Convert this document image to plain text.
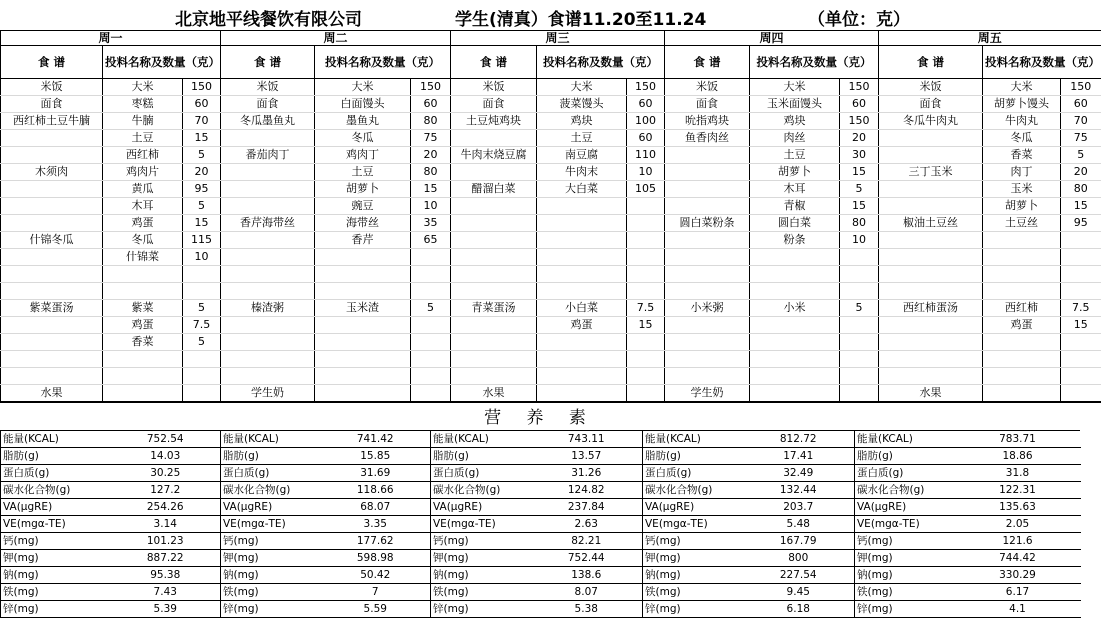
北京地平线餐饮有限公司	学生(清真）食谱11.20至11.24	（单位：克）
周一			周二			周三			周四			周五		
食 谱	投料名称及数量（克）		食 谱	投料名称及数量（克）		食 谱	投料名称及数量（克）		食 谱	投料名称及数量（克）		食 谱	投料名称及数量（克）	
米饭	大米	150	米饭	大米	150	米饭	大米	150	米饭	大米	150	米饭	大米	150
面食	枣糕	60	面食	白面馒头	60	面食	菠菜馒头	60	面食	玉米面馒头	60	面食	胡萝卜馒头	60
西红柿土豆牛腩	牛腩	70	冬瓜墨鱼丸	墨鱼丸	80	土豆炖鸡块	鸡块	100	吮指鸡块	鸡块	150	冬瓜牛肉丸	牛肉丸	70
	土豆	15		冬瓜	75		土豆	60	鱼香肉丝	肉丝	20		冬瓜	75
	西红柿	5	番茄肉丁	鸡肉丁	20	牛肉末烧豆腐	南豆腐	110		土豆	30		香菜	5
木须肉	鸡肉片	20		土豆	80		牛肉末	10		胡萝卜	15	三丁玉米	肉丁	20
	黄瓜	95		胡萝卜	15	醋溜白菜	大白菜	105		木耳	5		玉米	80
	木耳	5		豌豆	10					青椒	15		胡萝卜	15
	鸡蛋	15	香芹海带丝	海带丝	35				圆白菜粉条	圆白菜	80	椒油土豆丝	土豆丝	95
什锦冬瓜	冬瓜	115		香芹	65					粉条	10			
	什锦菜	10												

紫菜蛋汤	紫菜	5	榛渣粥	玉米渣	5	青菜蛋汤	小白菜	7.5	小米粥	小米	5	西红柿蛋汤	西红柿	7.5
	鸡蛋	7.5					鸡蛋	15					鸡蛋	15
	香菜	5												

水果			学生奶			水果			学生奶			水果		
营 养 素
能量(KCAL)	752.54	能量(KCAL)	741.42	能量(KCAL)	743.11	能量(KCAL)	812.72	能量(KCAL)	783.71
脂肪(g)	14.03	脂肪(g)	15.85	脂肪(g)	13.57	脂肪(g)	17.41	脂肪(g)	18.86
蛋白质(g)	30.25	蛋白质(g)	31.69	蛋白质(g)	31.26	蛋白质(g)	32.49	蛋白质(g)	31.8
碳水化合物(g)	127.2	碳水化合物(g)	118.66	碳水化合物(g)	124.82	碳水化合物(g)	132.44	碳水化合物(g)	122.31
VA(μgRE)	254.26	VA(μgRE)	68.07	VA(μgRE)	237.84	VA(μgRE)	203.7	VA(μgRE)	135.63
VE(mgα-TE)	3.14	VE(mgα-TE)	3.35	VE(mgα-TE)	2.63	VE(mgα-TE)	5.48	VE(mgα-TE)	2.05
钙(mg)	101.23	钙(mg)	177.62	钙(mg)	82.21	钙(mg)	167.79	钙(mg)	121.6
钾(mg)	887.22	钾(mg)	598.98	钾(mg)	752.44	钾(mg)	800	钾(mg)	744.42
钠(mg)	95.38	钠(mg)	50.42	钠(mg)	138.6	钠(mg)	227.54	钠(mg)	330.29
铁(mg)	7.43	铁(mg)	7	铁(mg)	8.07	铁(mg)	9.45	铁(mg)	6.17
锌(mg)	5.39	锌(mg)	5.59	锌(mg)	5.38	锌(mg)	6.18	锌(mg)	4.1
